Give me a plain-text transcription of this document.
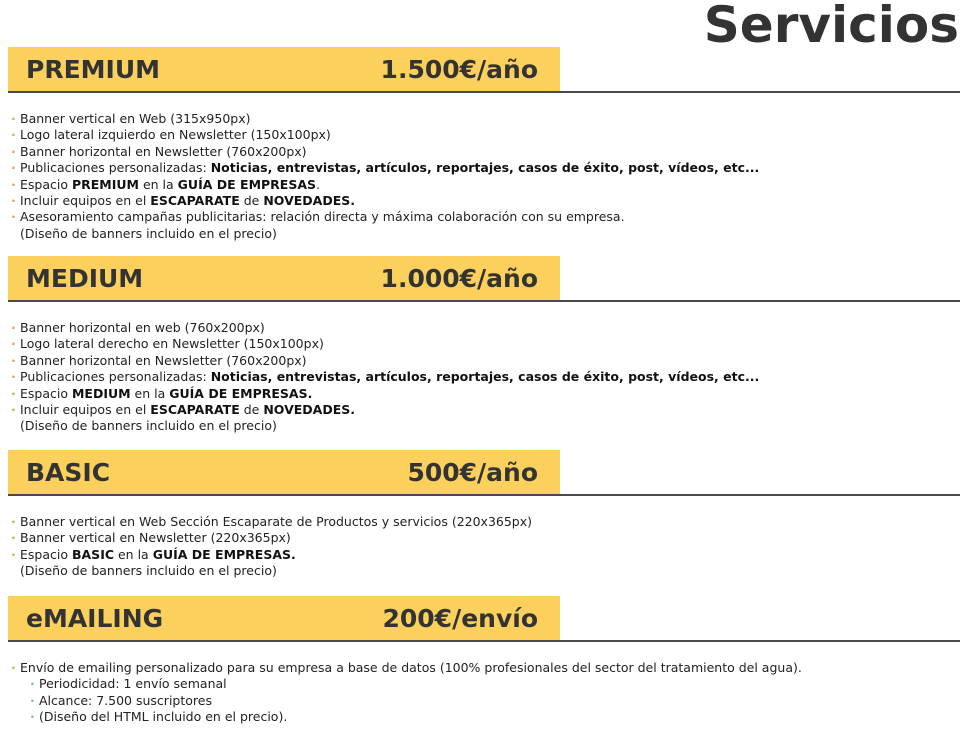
Servicios
PREMIUM	1.500€/año
· Banner vertical en Web (315x950px)
· Logo lateral izquierdo en Newsletter (150x100px)
· Banner horizontal en Newsletter (760x200px)
· Publicaciones personalizadas: Noticias, entrevistas, artículos, reportajes, casos de éxito, post, vídeos, etc...
· Espacio PREMIUM en la GUÍA DE EMPRESAS.
· Incluir equipos en el ESCAPARATE de NOVEDADES.
· Asesoramiento campañas publicitarias: relación directa y máxima colaboración con su empresa.
(Diseño de banners incluido en el precio)
MEDIUM	1.000€/año
· Banner horizontal en web (760x200px)
· Logo lateral derecho en Newsletter (150x100px)
· Banner horizontal en Newsletter (760x200px)
· Publicaciones personalizadas: Noticias, entrevistas, artículos, reportajes, casos de éxito, post, vídeos, etc...
· Espacio MEDIUM en la GUÍA DE EMPRESAS.
· Incluir equipos en el ESCAPARATE de NOVEDADES.
(Diseño de banners incluido en el precio)
BASIC	500€/año
· Banner vertical en Web Sección Escaparate de Productos y servicios (220x365px)
· Banner vertical en Newsletter (220x365px)
· Espacio BASIC en la GUÍA DE EMPRESAS.
(Diseño de banners incluido en el precio)
eMAILING	200€/envío
· Envío de emailing personalizado para su empresa a base de datos (100% profesionales del sector del tratamiento del agua).
· Periodicidad: 1 envío semanal
· Alcance: 7.500 suscriptores
· (Diseño del HTML incluido en el precio).
